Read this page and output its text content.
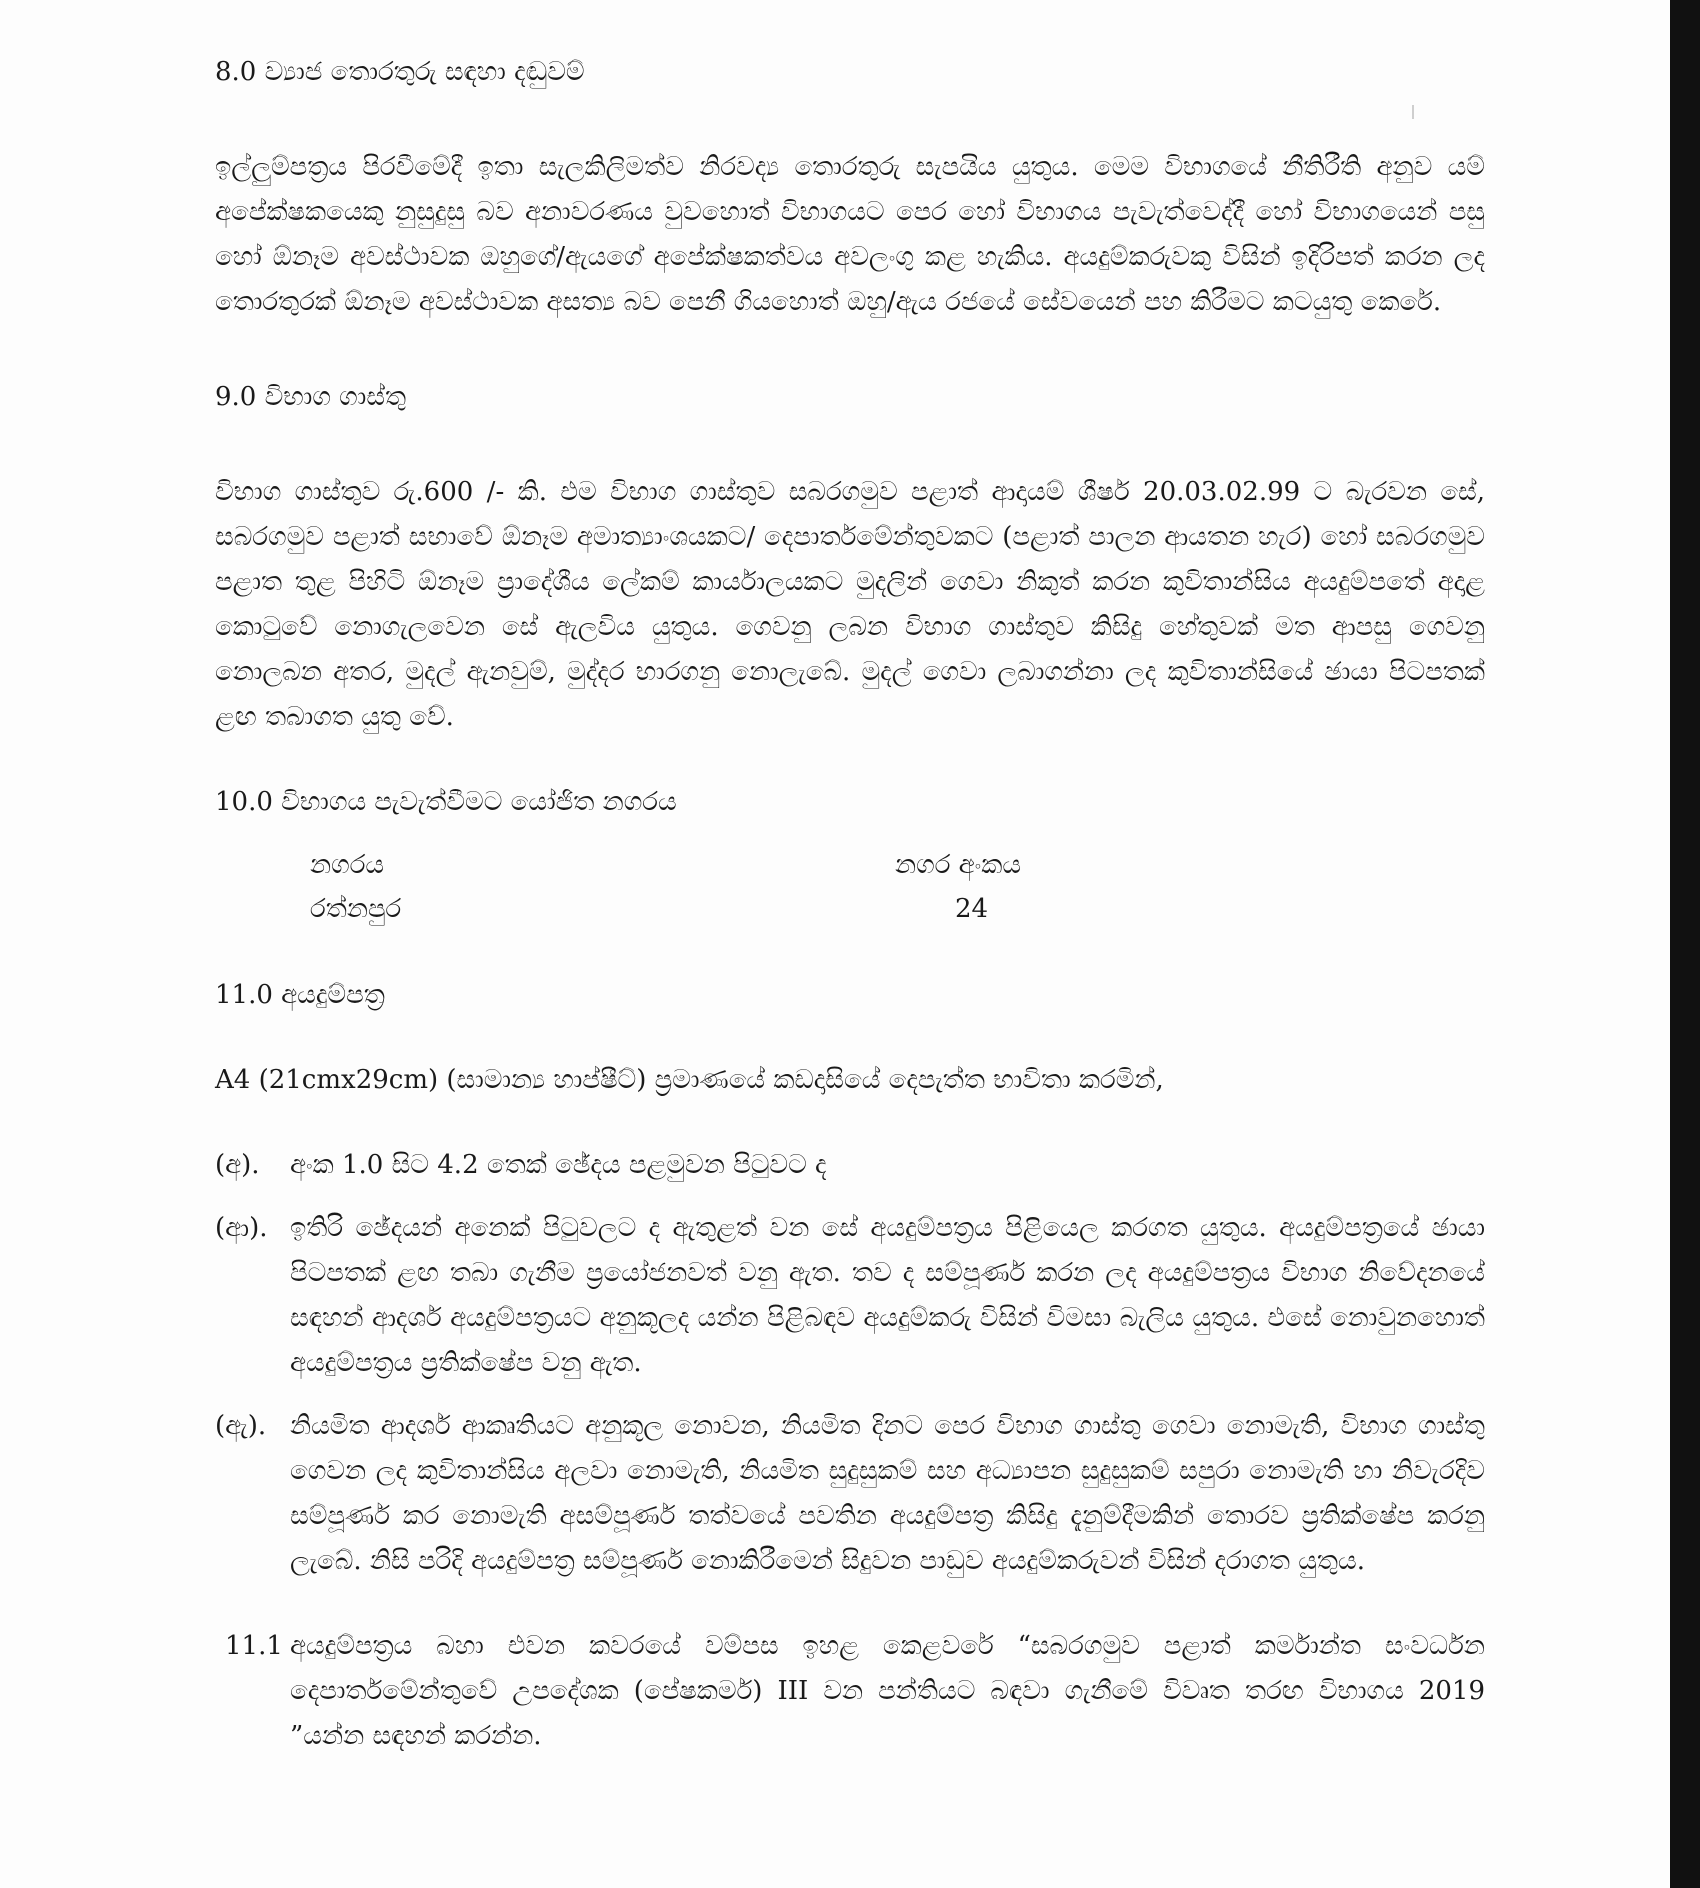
8.0 ව්‍යාජ තොරතුරු සඳහා දඬුවම්

ඉල්ලුම්පත්‍රය පිරවීමේදී ඉතා සැලකිලිමත්ව නිරවද්‍ය තොරතුරු සැපයිය යුතුය. මෙම විභාගයේ නීතිරීති අනුව යම් අපේක්ෂකයෙකු නුසුදුසු බව අනාවරණය වුවහොත් විභාගයට පෙර හෝ විභාගය පැවැත්වෙද්දී හෝ විභාගයෙන් පසු හෝ ඕනෑම අවස්ථාවක ඔහුගේ/ඇයගේ අපේක්ෂකත්වය අවලංගු කළ හැකිය. අයදුම්කරුවකු විසින් ඉදිරිපත් කරන ලද තොරතුරක් ඕනෑම අවස්ථාවක අසත්‍ය බව පෙනී ගියහොත් ඔහු/ඇය රජයේ සේවයෙන් පහ කිරීමට කටයුතු කෙරේ.

9.0 විභාග ගාස්තු

විභාග ගාස්තුව රු.600 /- කි. එම විභාග ගාස්තුව සබරගමුව පළාත් ආදායම් ශීර්ෂ 20.03.02.99 ට බැරවන සේ, සබරගමුව පළාත් සභාවේ ඕනෑම අමාත්‍යාංශයකට/ දෙපාර්තමේන්තුවකට (පළාත් පාලන ආයතන හැර) හෝ සබරගමුව පළාත තුළ පිහිටි ඕනෑම ප්‍රාදේශීය ලේකම් කාර්යාලයකට මුදලින් ගෙවා නිකුත් කරන කුවිතාන්සිය අයදුම්පතේ අදාළ කොටුවේ නොගැලවෙන සේ ඇලවිය යුතුය. ගෙවනු ලබන විභාග ගාස්තුව කිසිදු හේතුවක් මත ආපසු ගෙවනු නොලබන අතර, මුදල් ඇනවුම්, මුද්දර භාරගනු නොලැබේ. මුදල් ගෙවා ලබාගන්නා ලද කුවිතාන්සියේ ඡායා පිටපතක් ළඟ තබාගත යුතු වේ.

10.0 විභාගය පැවැත්වීමට යෝජිත නගරය

නගරය	නගර අංකය
රත්නපුර	24

11.0 අයදුම්පත්‍ර

A4 (21cmx29cm) (සාමාන්‍ය හාප්ෂීට්) ප්‍රමාණයේ කඩදාසියේ දෙපැත්ත භාවිතා කරමින්,

(අ).	අංක 1.0 සිට 4.2 තෙක් ඡේදය පළමුවන පිටුවට ද
(ආ). ඉතිරි ඡේදයන් අනෙක් පිටුවලට ද ඇතුළත් වන සේ අයදුම්පත්‍රය පිළියෙල කරගත යුතුය. අයදුම්පත්‍රයේ ඡායා පිටපතක් ළඟ තබා ගැනීම ප්‍රයෝජනවත් වනු ඇත. තව ද සම්පූර්ණ කරන ලද අයදුම්පත්‍රය විභාග නිවේදනයේ සඳහන් ආදර්ශ අයදුම්පත්‍රයට අනුකූලද යන්න පිළිබඳව අයදුම්කරු විසින් විමසා බැලිය යුතුය. එසේ නොවුනහොත් අයදුම්පත්‍රය ප්‍රතික්ෂේප වනු ඇත.
(ඇ). නියමිත ආදර්ශ ආකෘතියට අනුකූල නොවන, නියමිත දිනට පෙර විභාග ගාස්තු ගෙවා නොමැති, විභාග ගාස්තු ගෙවන ලද කුවිතාන්සිය අලවා නොමැති, නියමිත සුදුසුකම් සහ අධ්‍යාපන සුදුසුකම් සපුරා නොමැති හා නිවැරදිව සම්පූර්ණ කර නොමැති අසම්පූර්ණ තත්වයේ පවතින අයදුම්පත්‍ර කිසිදු දැනුම්දීමකින් තොරව ප්‍රතික්ෂේප කරනු ලැබේ. නිසි පරිදි අයදුම්පත්‍ර සම්පූර්ණ නොකිරීමෙන් සිදුවන පාඩුව අයදුම්කරුවන් විසින් දරාගත යුතුය.
11.1 අයදුම්පත්‍රය බහා එවන කවරයේ වම්පස ඉහළ කෙළවරේ “සබරගමුව පළාත් කර්මාන්ත සංවර්ධන දෙපාර්තමේන්තුවේ උපදේශක (පේෂකර්ම) III වන පන්තියට බඳවා ගැනීමේ විවෘත තරඟ විභාගය 2019 ”යන්න සඳහන් කරන්න.
